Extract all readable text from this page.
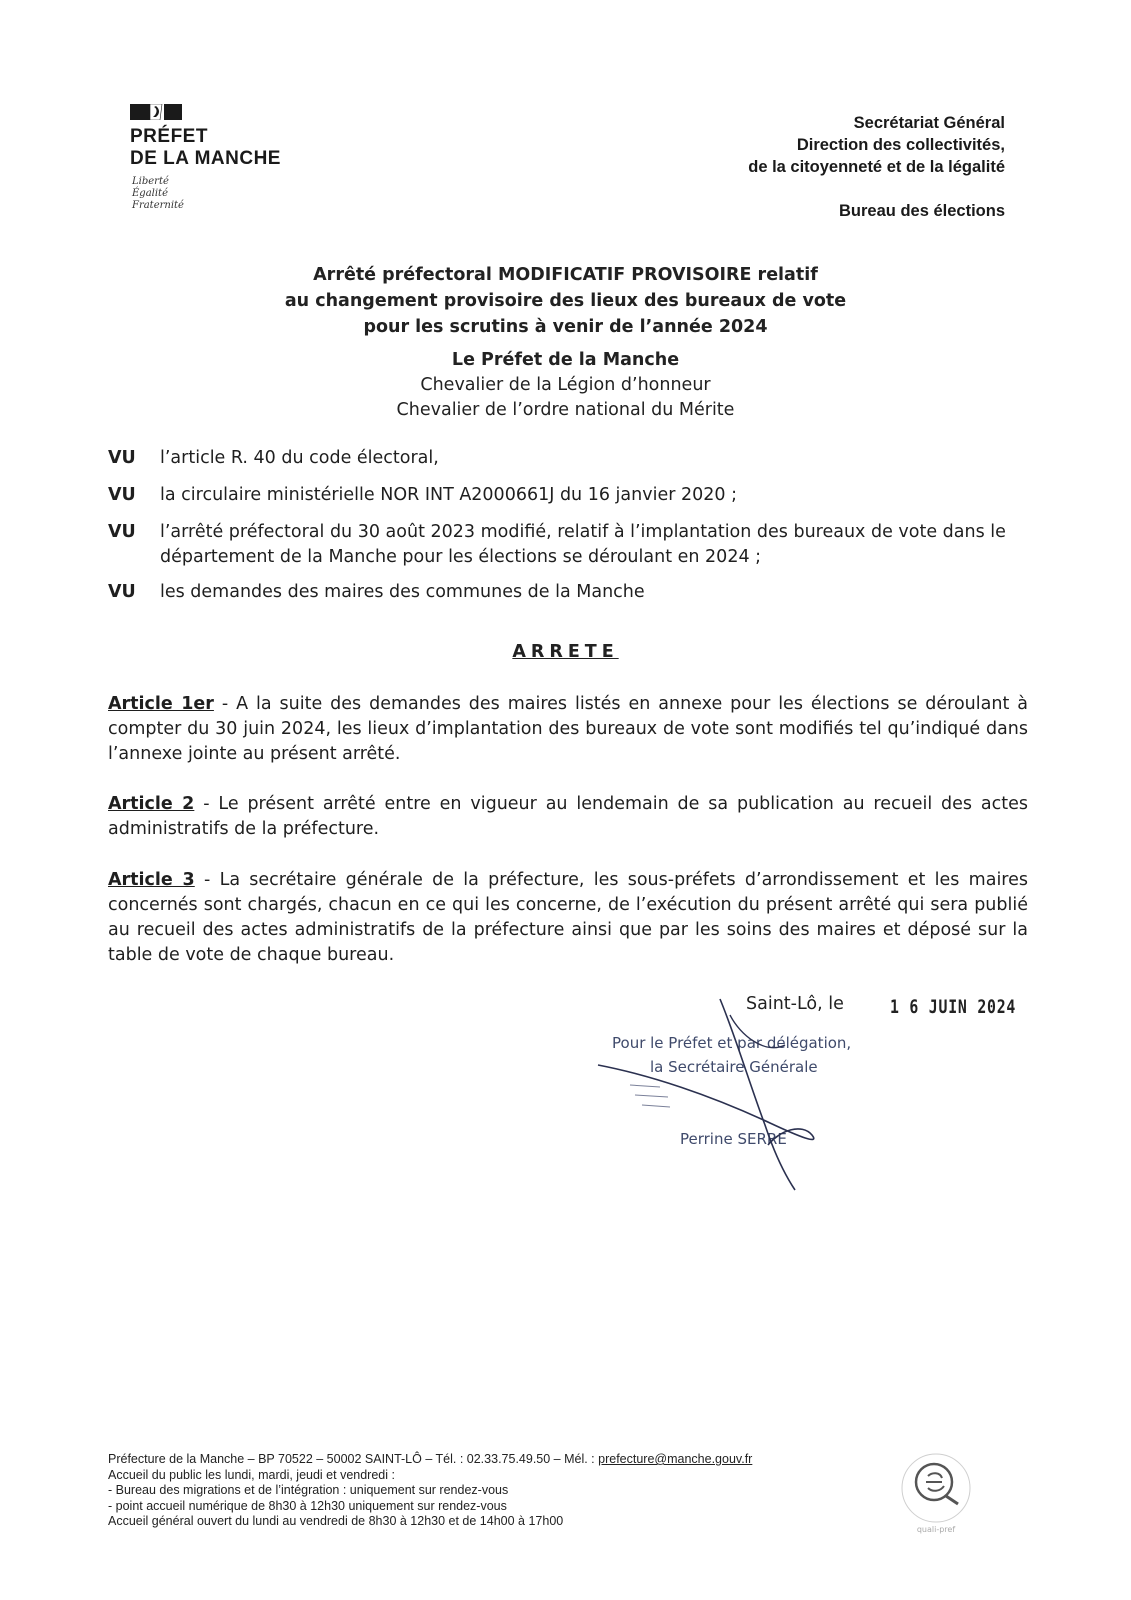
PRÉFET
DE LA MANCHE
Liberté
Égalité
Fraternité
Secrétariat Général
Direction des collectivités,
de la citoyenneté et de la légalité
Bureau des élections
Arrêté préfectoral MODIFICATIF PROVISOIRE relatif
au changement provisoire des lieux des bureaux de vote
pour les scrutins à venir de l’année 2024
Le Préfet de la Manche
Chevalier de la Légion d’honneur
Chevalier de l’ordre national du Mérite
VU	l’article R. 40 du code électoral,
VU	la circulaire ministérielle NOR INT A2000661J du 16 janvier 2020 ;
VU	l’arrêté préfectoral du 30 août 2023 modifié, relatif à l’implantation des bureaux de vote dans le département de la Manche pour les élections se déroulant en 2024 ;
VU	les demandes des maires des communes de la Manche
ARRETE
Article 1er - A la suite des demandes des maires listés en annexe pour les élections se déroulant à compter du 30 juin 2024, les lieux d’implantation des bureaux de vote sont modifiés tel qu’indiqué dans l’annexe jointe au présent arrêté.
Article 2 - Le présent arrêté entre en vigueur au lendemain de sa publication au recueil des actes administratifs de la préfecture.
Article 3 - La secrétaire générale de la préfecture, les sous-préfets d’arrondissement et les maires concernés sont chargés, chacun en ce qui les concerne, de l’exécution du présent arrêté qui sera publié au recueil des actes administratifs de la préfecture ainsi que par les soins des maires et déposé sur la table de vote de chaque bureau.
Saint-Lô, le 1 6 JUIN 2024
Pour le Préfet et par délégation,
la Secrétaire Générale
Perrine SERRE
Préfecture de la Manche – BP 70522 – 50002 SAINT-LÔ – Tél. : 02.33.75.49.50 – Mél. : prefecture@manche.gouv.fr
Accueil du public les lundi, mardi, jeudi et vendredi :
- Bureau des migrations et de l’intégration : uniquement sur rendez-vous
- point accueil numérique de 8h30 à 12h30 uniquement sur rendez-vous
Accueil général ouvert du lundi au vendredi de 8h30 à 12h30 et de 14h00 à 17h00
quali-pref
